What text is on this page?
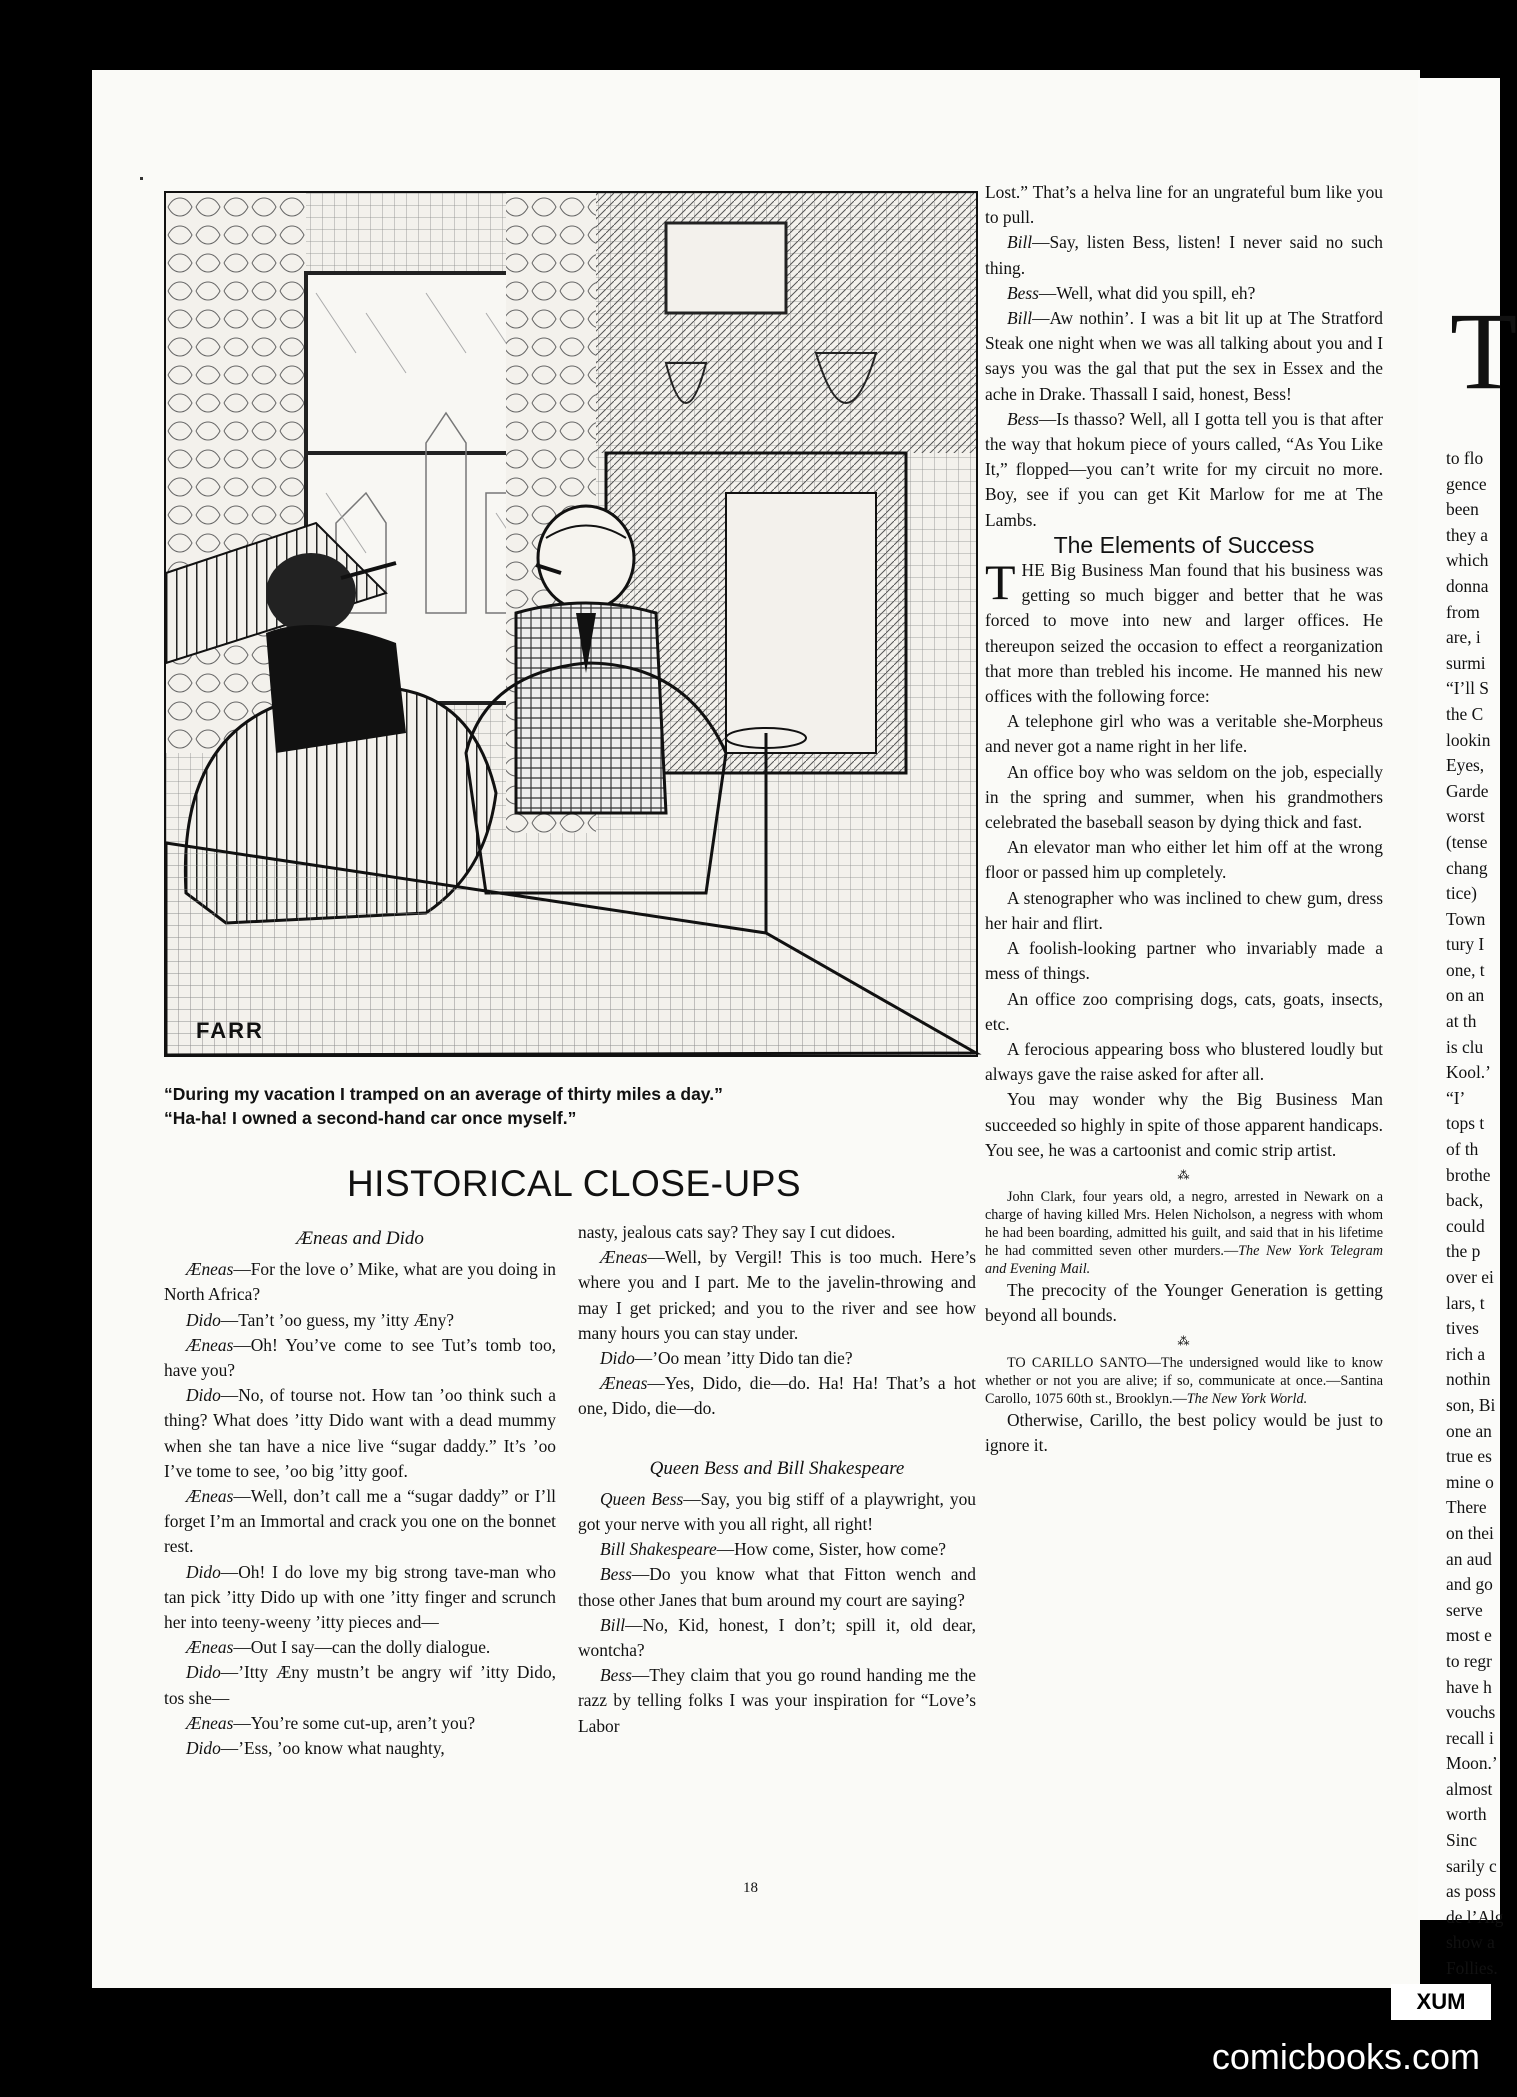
FARR
“During my vacation I tramped on an average of thirty miles a day.”
“Ha-ha! I owned a second-hand car once myself.”
HISTORICAL CLOSE-UPS

Æneas and Dido

Æneas—For the love o’ Mike, what are you doing in North Africa?

Dido—Tan’t ’oo guess, my ’itty Æny?

Æneas—Oh! You’ve come to see Tut’s tomb too, have you?

Dido—No, of tourse not. How tan ’oo think such a thing? What does ’itty Dido want with a dead mummy when she tan have a nice live “sugar daddy.” It’s ’oo I’ve tome to see, ’oo big ’itty goof.

Æneas—Well, don’t call me a “sugar daddy” or I’ll forget I’m an Immortal and crack you one on the bonnet rest.

Dido—Oh! I do love my big strong tave-man who tan pick ’itty Dido up with one ’itty finger and scrunch her into teeny-weeny ’itty pieces and—

Æneas—Out I say—can the dolly dialogue.

Dido—’Itty Æny mustn’t be angry wif ’itty Dido, tos she—

Æneas—You’re some cut-up, aren’t you?

Dido—’Ess, ’oo know what naughty,

nasty, jealous cats say? They say I cut didoes.

Æneas—Well, by Vergil! This is too much. Here’s where you and I part. Me to the javelin-throwing and may I get pricked; and you to the river and see how many hours you can stay under.

Dido—’Oo mean ’itty Dido tan die?

Æneas—Yes, Dido, die—do. Ha! Ha! That’s a hot one, Dido, die—do.

Queen Bess and Bill Shakespeare

Queen Bess—Say, you big stiff of a playwright, you got your nerve with you all right, all right!

Bill Shakespeare—How come, Sister, how come?

Bess—Do you know what that Fitton wench and those other Janes that bum around my court are saying?

Bill—No, Kid, honest, I don’t; spill it, old dear, wontcha?

Bess—They claim that you go round handing me the razz by telling folks I was your inspiration for “Love’s Labor

Lost.” That’s a helva line for an ungrateful bum like you to pull.

Bill—Say, listen Bess, listen! I never said no such thing.

Bess—Well, what did you spill, eh?

Bill—Aw nothin’. I was a bit lit up at The Stratford Steak one night when we was all talking about you and I says you was the gal that put the sex in Essex and the ache in Drake. Thassall I said, honest, Bess!

Bess—Is thasso? Well, all I gotta tell you is that after the way that hokum piece of yours called, “As You Like It,” flopped—you can’t write for my circuit no more. Boy, see if you can get Kit Marlow for me at The Lambs.

The Elements of Success

THE Big Business Man found that his business was getting so much bigger and better that he was forced to move into new and larger offices. He thereupon seized the occasion to effect a reorganization that more than trebled his income. He manned his new offices with the following force:

A telephone girl who was a veritable she-Morpheus and never got a name right in her life.

An office boy who was seldom on the job, especially in the spring and summer, when his grandmothers celebrated the baseball season by dying thick and fast.

An elevator man who either let him off at the wrong floor or passed him up completely.

A stenographer who was inclined to chew gum, dress her hair and flirt.

A foolish-looking partner who invariably made a mess of things.

An office zoo comprising dogs, cats, goats, insects, etc.

A ferocious appearing boss who blustered loudly but always gave the raise asked for after all.

You may wonder why the Big Business Man succeeded so highly in spite of those apparent handicaps. You see, he was a cartoonist and comic strip artist.

⁂

John Clark, four years old, a negro, arrested in Newark on a charge of having killed Mrs. Helen Nicholson, a negress with whom he had been boarding, admitted his guilt, and said that in his lifetime he had committed seven other murders.—The New York Telegram and Evening Mail.

The precocity of the Younger Generation is getting beyond all bounds.

⁂

TO CARILLO SANTO—The undersigned would like to know whether or not you are alive; if so, communicate at once.—Santina Carollo, 1075 60th st., Brooklyn.—The New York World.

Otherwise, Carillo, the best policy would be just to ignore it.

18
T
to flo
gence
been
they a
which
donna
from
are, i
surmi
“I’ll S
the C
lookin
Eyes,
Garde
worst
(tense
chang
tice)
Town
tury I
one, t
on an
at th
is clu
Kool.’
“I’
tops t
of th
brothe
back,
could
the p
over ei
lars, t
tives
rich a
nothin
son, Bi
one an
true es
mine o
There
on thei
an aud
and go
serve
most e
to regr
have h
vouchs
recall i
Moon.’
almost
worth
Sinc
sarily c
as poss
de l’Alg
show a
Follies.
XUM
comicbooks.com
